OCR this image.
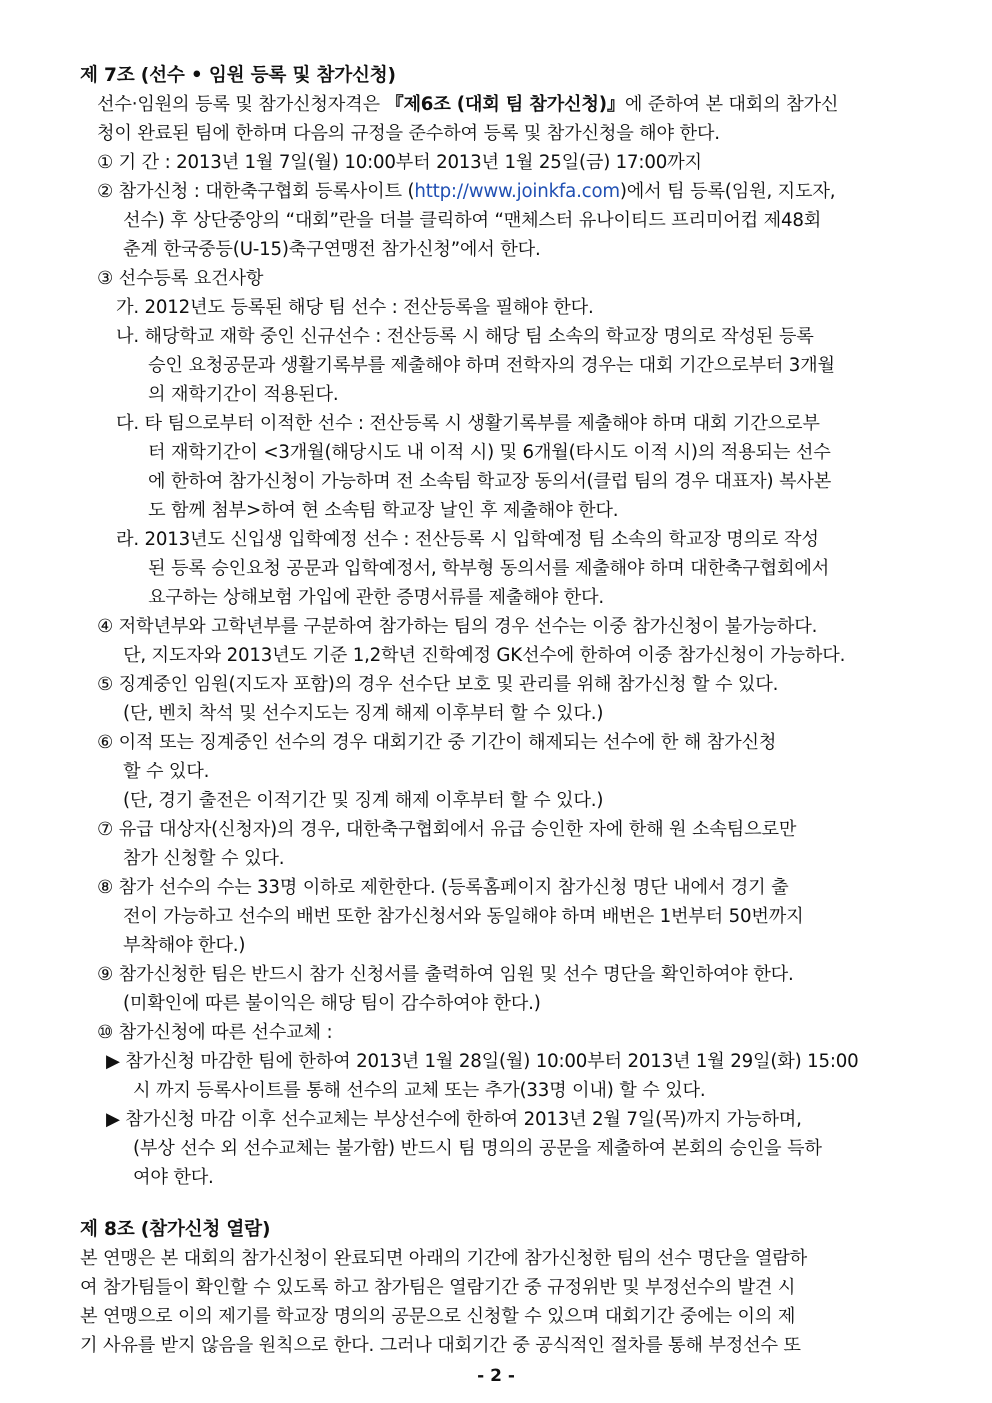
제 7조 (선수 • 임원 등록 및 참가신청)
선수·임원의 등록 및 참가신청자격은 『제6조 (대회 팀 참가신청)』에 준하여 본 대회의 참가신
청이 완료된 팀에 한하며 다음의 규정을 준수하여 등록 및 참가신청을 해야 한다.
① 기 간 : 2013년 1월 7일(월) 10:00부터 2013년 1월 25일(금) 17:00까지
② 참가신청 : 대한축구협회 등록사이트 (http://www.joinkfa.com)에서 팀 등록(임원, 지도자,
선수) 후 상단중앙의 “대회”란을 더블 클릭하여 “맨체스터 유나이티드 프리미어컵 제48회
춘계 한국중등(U-15)축구연맹전 참가신청”에서 한다.
③ 선수등록 요건사항
가. 2012년도 등록된 해당 팀 선수 : 전산등록을 필해야 한다.
나. 해당학교 재학 중인 신규선수 : 전산등록 시 해당 팀 소속의 학교장 명의로 작성된 등록
승인 요청공문과 생활기록부를 제출해야 하며 전학자의 경우는 대회 기간으로부터 3개월
의 재학기간이 적용된다.
다. 타 팀으로부터 이적한 선수 : 전산등록 시 생활기록부를 제출해야 하며 대회 기간으로부
터 재학기간이 <3개월(해당시도 내 이적 시) 및 6개월(타시도 이적 시)의 적용되는 선수
에 한하여 참가신청이 가능하며 전 소속팀 학교장 동의서(클럽 팀의 경우 대표자) 복사본
도 함께 첨부>하여 현 소속팀 학교장 날인 후 제출해야 한다.
라. 2013년도 신입생 입학예정 선수 : 전산등록 시 입학예정 팀 소속의 학교장 명의로 작성
된 등록 승인요청 공문과 입학예정서, 학부형 동의서를 제출해야 하며 대한축구협회에서
요구하는 상해보험 가입에 관한 증명서류를 제출해야 한다.
④ 저학년부와 고학년부를 구분하여 참가하는 팀의 경우 선수는 이중 참가신청이 불가능하다.
단, 지도자와 2013년도 기준 1,2학년 진학예정 GK선수에 한하여 이중 참가신청이 가능하다.
⑤ 징계중인 임원(지도자 포함)의 경우 선수단 보호 및 관리를 위해 참가신청 할 수 있다.
(단, 벤치 착석 및 선수지도는 징계 해제 이후부터 할 수 있다.)
⑥ 이적 또는 징계중인 선수의 경우 대회기간 중 기간이 해제되는 선수에 한 해 참가신청
할 수 있다.
(단, 경기 출전은 이적기간 및 징계 해제 이후부터 할 수 있다.)
⑦ 유급 대상자(신청자)의 경우, 대한축구협회에서 유급 승인한 자에 한해 원 소속팀으로만
참가 신청할 수 있다.
⑧ 참가 선수의 수는 33명 이하로 제한한다. (등록홈페이지 참가신청 명단 내에서 경기 출
전이 가능하고 선수의 배번 또한 참가신청서와 동일해야 하며 배번은 1번부터 50번까지
부착해야 한다.)
⑨ 참가신청한 팀은 반드시 참가 신청서를 출력하여 임원 및 선수 명단을 확인하여야 한다.
(미확인에 따른 불이익은 해당 팀이 감수하여야 한다.)
⑩ 참가신청에 따른 선수교체 :
▶ 참가신청 마감한 팀에 한하여 2013년 1월 28일(월) 10:00부터 2013년 1월 29일(화) 15:00
시 까지 등록사이트를 통해 선수의 교체 또는 추가(33명 이내) 할 수 있다.
▶ 참가신청 마감 이후 선수교체는 부상선수에 한하여 2013년 2월 7일(목)까지 가능하며,
(부상 선수 외 선수교체는 불가함) 반드시 팀 명의의 공문을 제출하여 본회의 승인을 득하
여야 한다.
제 8조 (참가신청 열람)
본 연맹은 본 대회의 참가신청이 완료되면 아래의 기간에 참가신청한 팀의 선수 명단을 열람하
여 참가팀들이 확인할 수 있도록 하고 참가팀은 열람기간 중 규정위반 및 부정선수의 발견 시
본 연맹으로 이의 제기를 학교장 명의의 공문으로 신청할 수 있으며 대회기간 중에는 이의 제
기 사유를 받지 않음을 원칙으로 한다. 그러나 대회기간 중 공식적인 절차를 통해 부정선수 또
- 2 -
